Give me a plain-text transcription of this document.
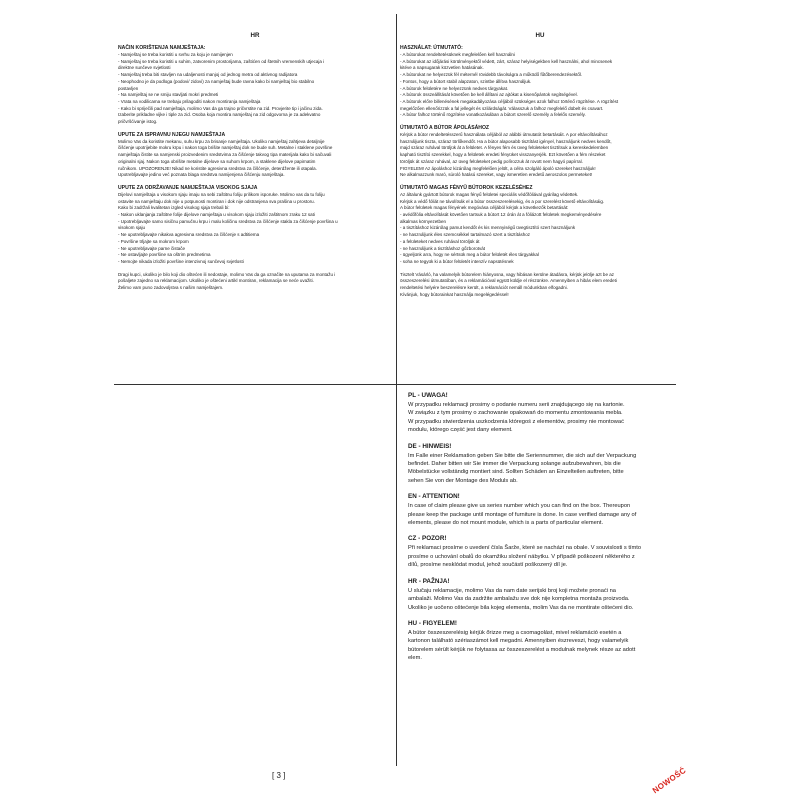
HR
NAČIN KORIŠTENJA NAMJEŠTAJA:
- Namještaj se treba koristiti u svrhu za koju je namijenjen
- Namještaj se treba koristiti u suhim, zatvorenim prostorijama, zaštićen od štetnih vremenskih utjecaja i
direktne sunčeve svjetlosti
- Namještaj treba biti stavljen na udaljenosti manjoj od jednog metra od aktivnog radijatora
- Neophodno je da podloga (podovi/ zidovi) za namještaj bude ravna kako bi namještaj bio stabilno
postavljen
- Na namještaj se ne smiju stavljati mokri predmeti
- Vrata na vodilicama se trebaju prilagoditi nakon montiranja namještaja
- Kako bi spriječili pad namještaja, molimo Vas da ga trajno pričvrstite na zid. Provjerite tip i jačinu zida.
Izaberite prikladne vijke i tiple za zid. Osoba koja montira namještaj na zid odgovorna je za adekvatno
pričvršćivanje istog.
UPUTE ZA ISPRAVNU NJEGU NAMJEŠTAJA
Molimo Vas da koristite mekanu, suhu krpu za brisanje namještaja. Ukoliko namještaj zahtjeva detaljnije
čišćenje upotrijebite mokru krpu i nakon toga brišite namještaj dok ne bude suh. Metalne i staklene površine
namještaja čistite sa namjenski proizvedenim sredstvima za čišćenje takvog tipa materijala kako bi sačuvali
originalni sjaj. Nakon toga obrišite metalne dijelove sa suhom krpom, a staklene dijelove papirnatim
ručnikom. UPOZORENJE! Nikad ne koristite agresivna sredstva za čišćenje, deterdžente ili otapala.
Upotrebljavajte jedino već poznata blaga sredstva namijenjena čišćenju namještaja.
UPUTE ZA ODRŽAVANJE NAMJEŠTAJA VISOKOG SJAJA
Dijelovi namještaja u visokom sjaju imaju na sebi zaštitnu foliju prilikom isporuke. Molimo vas da tu foliju
ostavite na namještaju dok nije u potpunosti montiran i dok nije odstranjena sva prašina u prostoru.
Kako bi zadržali kvalitetan izgled visokog sjaja trebali bi:
- Nakon uklanjanja zaštitne folije dijelove namještaja u visokom sjaju izložiti zaštitnom zraku 12 sati
- Upotrebljavajte samo sisičnu pamučnu krpu i malu količinu sredstva za čišćenje stakla za čišćenje površina u
visokom sjaju
- Ne upotrebljavajte nikakva agresivna sredstva za čišćenje s adtitiema
- Površine trljajte sa mokrom krpom
- Ne upotrebljavajte parne čistače
- Ne ostavljajte površine sa oštrim predmetima
- Nemojte nikada izložiti površine intenzivnoj sunčevoj svjetlosti
Dragi kupci, ukoliko je bilo koji dio oštećen ili nedostaje, molimo Vas da ga označite na uputama za montažu i
pošaljete zajedno sa reklamacijom. Ukoliko je oštećeni artikl montiran, reklamacija se neće uvažiti.
Želimo vam puno zadovoljstva s našim namještajem.
HU
HASZNÁLAT: ÚTMUTATÓ:
- A bútorokat rendeltetésüknek megfelelően kell használni
- A bútorokat az időjárási körülményektől védett, zárt, száraz helyiségekben kell használni, ahol mincsenek
kitéve a napsugarak közvetlen hatásának.
- A bútorokat ne helyezzük fél méternél rövidebb távolságra a működő fűtőberendezésektől.
- Fontos, hogy a bútort stabil alapzaton, szintbe állítva használjuk.
- A bútorok felületére ne helyezzünk nedves tárgyakat.
- A bútorok összeállítását követően be kell állítani az ajtókat a kisenőpántok segítségével.
- A bútorok előre billenésének megakadályozása céljából szükséges azok falhoz történő rögzítése. A rögzítést
megelőzően ellenőrizzük a fal jellegét és szilárdságát. Válasszuk a falhoz megfelelő dübelt és csavart.
- A bútor falhoz történő rögzítése vonatkozásában a bútort szerelő személy a felelős személy.
ÚTMUTATÓ A BÚTOR ÁPOLÁSÁHOZ
Kérjük a bútor rendeltetésszerű használata céljából az alábbi útmutatót betartásáit. A por eltávolításához
használjunk tiszta, száraz törlőkendőt. Ha a bútor alaposabb tisztítást igényel, használjunk nedves kendőt,
majd száraz ruhával töröljük át a felületet. A fényes fém és üveg felületeket tisztítsuk a kereskedelemben
kapható tisztító szerekkel, hogy a felületek eredeti fényüket visszanyerjék. Ezt követően a fém részeket
töröljük át száraz ruhával, az üveg felületeket pedig polírozzuk át rovott nem hagyó papírral.
FIGYELEM! Az ápoláshoz kizárólag megfelelően jelölt, a célra szolgáló ápoló szereket használjuk!
Ne alkalmazzunk maró, súroló hatású szereket, vagy ismeretlen eredetű aeroszolos permeteket!
ÚTMUTATÓ MAGAS FÉNYŰ BÚTOROK KEZELÉSÉHEZ
Az általunk gyártott bútorok magas fényű felületei speciális védőfóliával gyárilag védettek.
Kérjük a védő fóliát ne távolítsák el a bútor összeszerelésekig, és a por szerelést követő eltávolításáig.
A bútor felületek magas fényének megóvása céljából kérjük a következők betartását:
- avédőfólia eltávolítását követően tartsuk a bútort 12 órán át a fóliázott felületek megkeményedésére
alkalmas környezetben
- a tisztításhoz kizárólag pamut kendőt és kis mennyiségű üvegtisztító szert használjunk
- ne használjunk éles szemcsékkel tartalmazó szert a tisztításhoz
- a felületeket nedves ruhával töröljük át
- ne használjunk a tisztításhoz gőzborotvát
- ügyeljünk arra, hogy ne sértsük meg a bútor felületét éles tárgyakkal
- soha ne tegyük ki a bútor felületét intenzív napsütésnek
Tisztelt Vásárló, ha valamelyik bútorelem hiányosna, vagy hibásan kerülne átadásra, kérjük jelölje azt be az
összeszerelési útmutatóban, és a reklamációval együtt küldje el részünkre. Amennyiben a hibás elem eredeti
rendeltetési helyére beszerelésre került, a reklamációt nemáll módunkban elfogadni.
Kívánjuk, hogy bútorainkat használja megelégedéssel!
PL - UWAGA!
W przypadku reklamacji prosimy o podanie numeru serii znajdującego się na kartonie.
W związku z tym prosimy o zachowanie opakowań do momentu zmontowania mebla.
W przypadku stwierdzenia uszkodzenia któregoś z elementów, prosimy nie montować
modułu, którego część jest dany element.
DE - HINWEIS!
Im Falle einer Reklamation geben Sie bitte die Seriennummer, die sich auf der Verpackung
befindet. Daher bitten wir Sie immer die Verpackung solange aufzubewahren, bis die
Möbelstücke vollständig montiert sind. Sollten Schäden an Einzelteilen auftreten, bitte
sehen Sie von der Montage des Moduls ab.
EN - ATTENTION!
In case of claim please give us series number which you can find on the box. Thereupon
please keep the package until montage of furniture is done. In case verified damage any of
elements, please do not mount module, which is a parts of particular element.
CZ - POZOR!
Při reklamaci prosíme o uvedení čísla Šarže, které se nachází na obale. V souvislosti s tímto
prosíme o uchování obalů do okamžiku složení nábytku. V případě poškození některého z
dílů, prosíme nesklódat modul, jehož součástí poškozený díl je.
HR - PAŽNJA!
U slučaju reklamacije, molimo Vas da nam date serijski broj koji možete pronaći na
ambalaži. Molimo Vas da zadržite ambalažu sve dok nije kompletna montaža proizvoda.
Ukoliko je uočeno oštećenje bila kojeg elementa, molim Vas da ne montirate oštećeni dio.
HU - FIGYELEM!
A bútor összeszerelésig kérjük őrizze meg a csomagolást, mivel reklamáció esetén a
kartonon található szériaszámot kell megadni. Amennyiben észreveszi, hogy valamelyik
bútorelem sérült kérjük ne folytassa az összeszerelést a modulnak melynek része az adott
elem.
[ 3 ]	NOWOŚĆ
